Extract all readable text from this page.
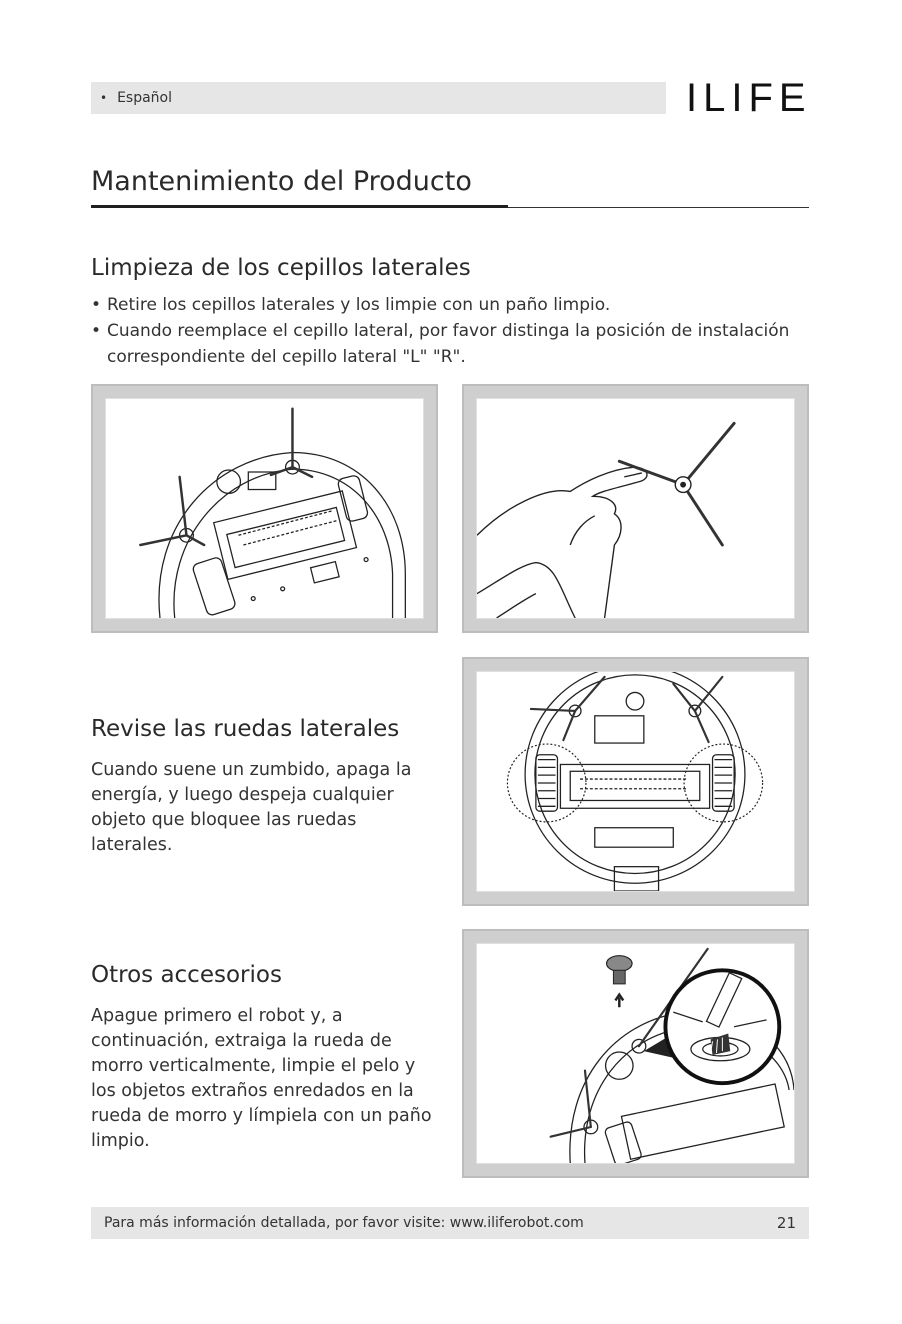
• Español	ILIFE
Mantenimiento del Producto
Limpieza de los cepillos laterales
• Retire los cepillos laterales y los limpie con un paño limpio.
• Cuando reemplace el cepillo lateral, por favor distinga la posición de instalación correspondiente del cepillo lateral "L" "R".
Revise las ruedas laterales

Cuando suene un zumbido, apaga la energía, y luego despeja cualquier objeto que bloquee las ruedas laterales.

Otros accesorios

Apague primero el robot y, a continuación, extraiga la rueda de morro verticalmente, limpie el pelo y los objetos extraños enredados en la rueda de morro y límpiela con un paño limpio.

Para más información detallada, por favor visite: www.iliferobot.com	21
